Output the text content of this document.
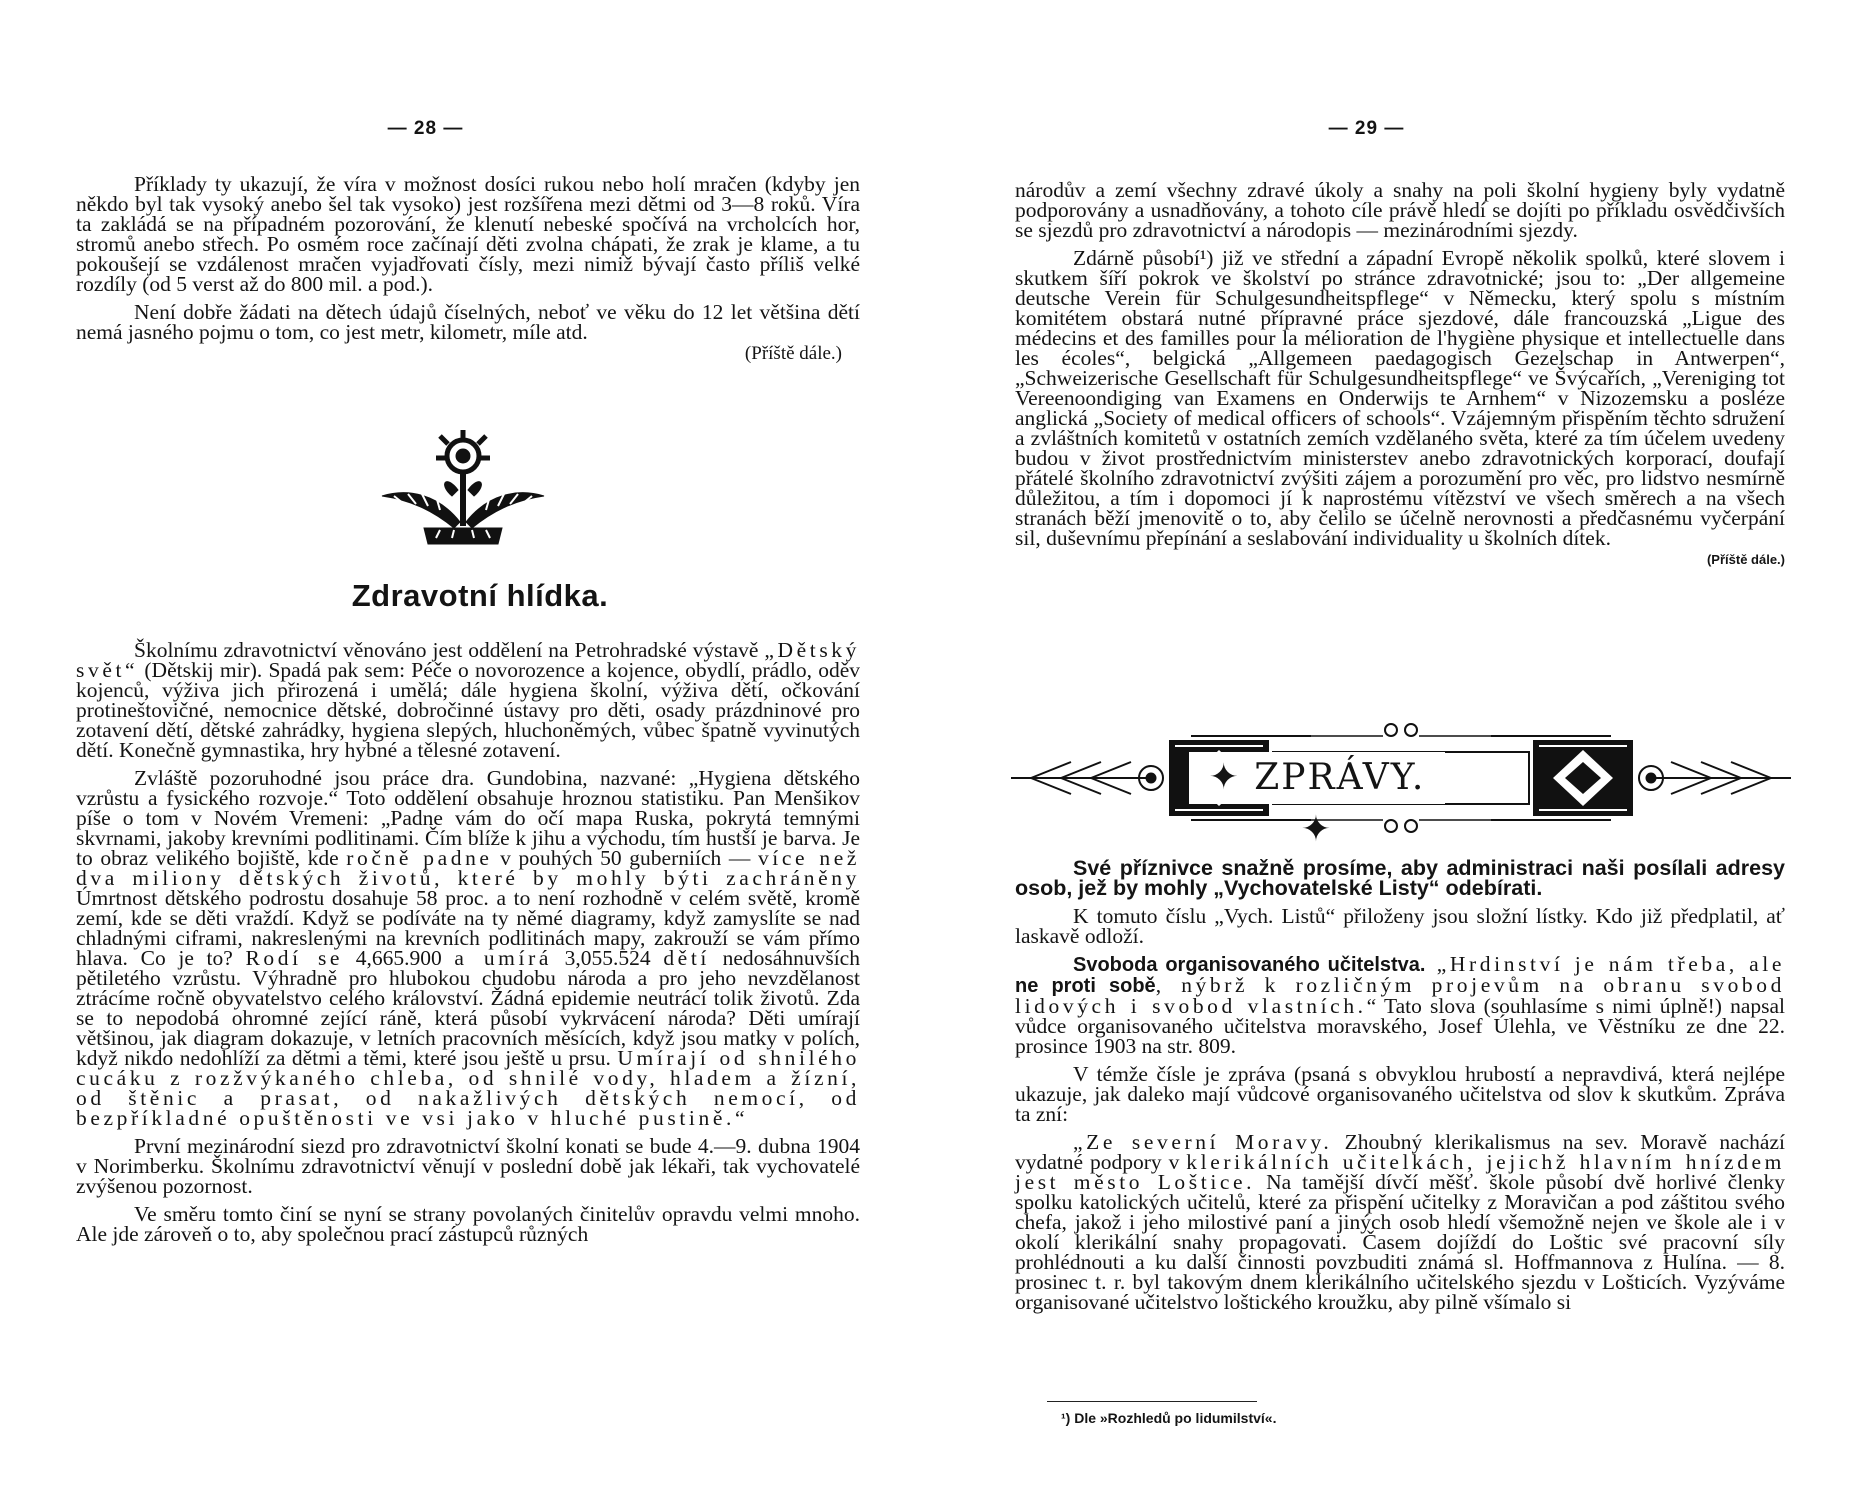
— 28 —

Příklady ty ukazují, že víra v možnost dosíci rukou nebo holí mračen (kdyby jen někdo byl tak vysoký anebo šel tak vysoko) jest rozšířena mezi dětmi od 3—8 roků. Víra ta zakládá se na případném pozorování, že klenutí nebeské spočívá na vrcholcích hor, stromů anebo střech. Po osmém roce začínají děti zvolna chápati, že zrak je klame, a tu pokoušejí se vzdálenost mračen vyjadřovati čísly, mezi nimiž bývají často příliš velké rozdíly (od 5 verst až do 800 mil. a pod.).

Není dobře žádati na dětech údajů číselných, neboť ve věku do 12 let většina dětí nemá jasného pojmu o tom, co jest metr, kilometr, míle atd.

(Příště dále.)
Zdravotní hlídka.

Školnímu zdravotnictví věnováno jest oddělení na Petrohradské výstavě „Dětský svět“ (Dětskij mir). Spadá pak sem: Péče o novorozence a kojence, obydlí, prádlo, oděv kojenců, výživa jich přirozená i umělá; dále hygiena školní, výživa dětí, očkování protineštovičné, nemocnice dětské, dobročinné ústavy pro děti, osady prázdninové pro zotavení dětí, dětské zahrádky, hygiena slepých, hluchoněmých, vůbec špatně vyvinutých dětí. Konečně gymnastika, hry hybné a tělesné zotavení.

Zvláště pozoruhodné jsou práce dra. Gundobina, nazvané: „Hygiena dětského vzrůstu a fysického rozvoje.“ Toto oddělení obsahuje hroznou statistiku. Pan Menšikov píše o tom v Novém Vremeni: „Padne vám do očí mapa Ruska, pokrytá temnými skvrnami, jakoby krevními podlitinami. Čím blíže k jihu a východu, tím hustší je barva. Je to obraz velikého bojiště, kde ročně padne v pouhých 50 guberniích — více než dva miliony dětských životů, které by mohly býti zachráněny Úmrtnost dětského podrostu dosahuje 58 proc. a to není rozhodně v celém světě, kromě zemí, kde se děti vraždí. Když se podíváte na ty němé diagramy, když zamyslíte se nad chladnými ciframi, nakreslenými na krevních podlitinách mapy, zakrouží se vám přímo hlava. Co je to? Rodí se 4,665.900 a umírá 3,055.524 dětí nedosáhnuvších pětiletého vzrůstu. Výhradně pro hlubokou chudobu národa a pro jeho nevzdělanost ztrácíme ročně obyvatelstvo celého království. Žádná epidemie neutrácí tolik životů. Zda se to nepodobá ohromné zející ráně, která působí vykrvácení národa? Děti umírají většinou, jak diagram dokazuje, v letních pracovních měsících, když jsou matky v polích, když nikdo nedohlíží za dětmi a těmi, které jsou ještě u prsu. Umírají od shnilého cucáku z rozžvýkaného chleba, od shnilé vody, hladem a žízní, od štěnic a prasat, od nakažlivých dětských nemocí, od bezpříkladné opuštěnosti ve vsi jako v hluché pustině.“

První mezinárodní siezd pro zdravotnictví školní konati se bude 4.—9. dubna 1904 v Norimberku. Školnímu zdravotnictví věnují v poslední době jak lékaři, tak vychovatelé zvýšenou pozornost.

Ve směru tomto činí se nyní se strany povolaných činitelův opravdu velmi mnoho. Ale jde zároveň o to, aby společnou prací zástupců různých

— 29 —

národův a zemí všechny zdravé úkoly a snahy na poli školní hygieny byly vydatně podporovány a usnadňovány, a tohoto cíle právě hledí se dojíti po příkladu osvědčivších se sjezdů pro zdravotnictví a národopis — mezinárodními sjezdy.

Zdárně působí¹) již ve střední a západní Evropě několik spolků, které slovem i skutkem šíří pokrok ve školství po stránce zdravotnické; jsou to: „Der allgemeine deutsche Verein für Schulgesundheitspflege“ v Německu, který spolu s místním komitétem obstará nutné přípravné práce sjezdové, dále francouzská „Ligue des médecins et des familles pour la mélioration de l'hygiène physique et intellectuelle dans les écoles“, belgická „Allgemeen paedagogisch Gezelschap in Antwerpen“, „Schweizerische Gesellschaft für Schulgesundheitspflege“ ve Švýcařích, „Vereniging tot Vereenoondiging van Examens en Onderwijs te Arnhem“ v Nizozemsku a posléze anglická „Society of medical officers of schools“. Vzájemným přispěním těchto sdružení a zvláštních komitetů v ostatních zemích vzdělaného světa, které za tím účelem uvedeny budou v život prostřednictvím ministerstev anebo zdravotnických korporací, doufají přátelé školního zdravotnictví zvýšiti zájem a porozumění pro věc, pro lidstvo nesmírně důležitou, a tím i dopomoci jí k naprostému vítězství ve všech směrech a na všech stranách běží jmenovitě o to, aby čelilo se účelně nerovnosti a předčasnému vyčerpání sil, duševnímu přepínání a seslabování individuality u školních dítek.

(Příště dále.)
✦ ZPRÁVY. ✦

Své příznivce snažně prosíme, aby administraci naši posílali adresy osob, jež by mohly „Vychovatelské Listy“ odebírati.

K tomuto číslu „Vych. Listů“ přiloženy jsou složní lístky. Kdo již předplatil, ať laskavě odloží.

Svoboda organisovaného učitelstva. „Hrdinství je nám třeba, ale ne proti sobě, nýbrž k rozličným projevům na obranu svobod lidových i svobod vlastních.“ Tato slova (souhlasíme s nimi úplně!) napsal vůdce organisovaného učitelstva moravského, Josef Úlehla, ve Věstníku ze dne 22. prosince 1903 na str. 809.

V témže čísle je zpráva (psaná s obvyklou hrubostí a nepravdivá, která nejlépe ukazuje, jak daleko mají vůdcové organisovaného učitelstva od slov k skutkům. Zpráva ta zní:

„Ze severní Moravy. Zhoubný klerikalismus na sev. Moravě nachází vydatné podpory v klerikálních učitelkách, jejichž hlavním hnízdem jest město Loštice. Na tamější dívčí měšť. škole působí dvě horlivé členky spolku katolických učitelů, které za přispění učitelky z Moravičan a pod záštitou svého chefa, jakož i jeho milostivé paní a jiných osob hledí všemožně nejen ve škole ale i v okolí klerikální snahy propagovati. Časem dojíždí do Loštic své pracovní síly prohlédnouti a ku další činnosti povzbuditi známá sl. Hoffmannova z Hulína. — 8. prosinec t. r. byl takovým dnem klerikálního učitelského sjezdu v Lošticích. Vyzýváme organisované učitelstvo loštického kroužku, aby pilně všímalo si

¹) Dle »Rozhledů po lidumilství«.
